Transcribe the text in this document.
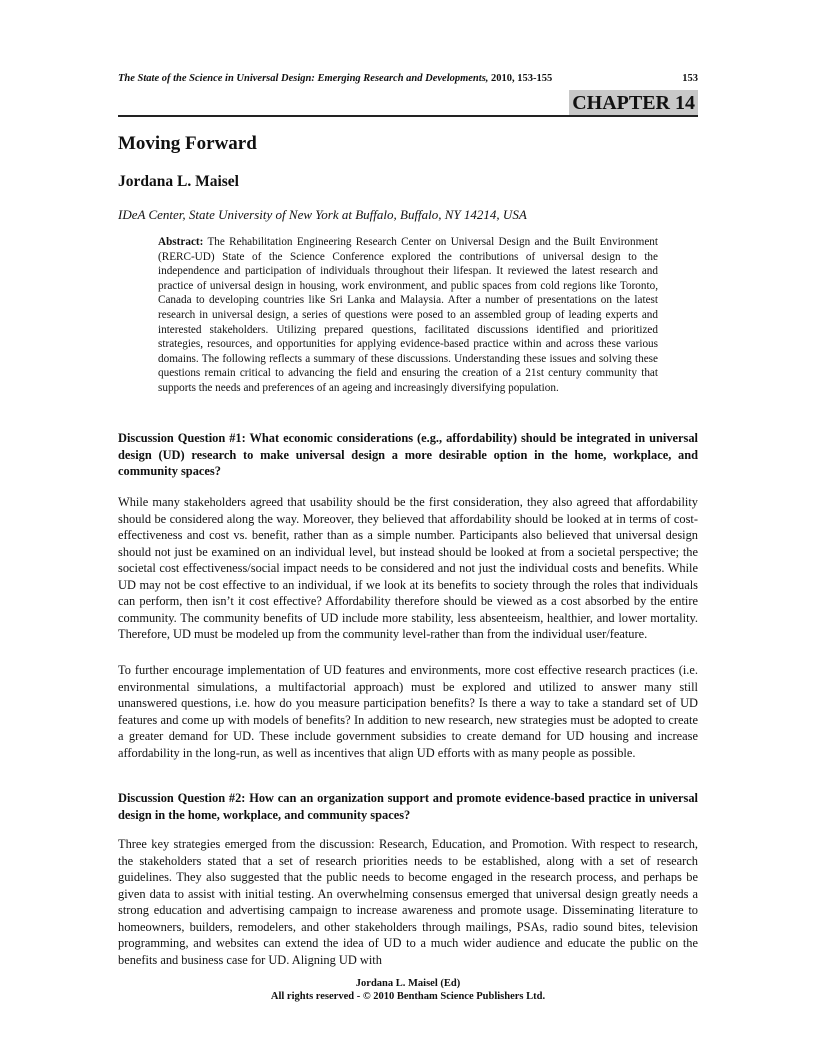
The State of the Science in Universal Design: Emerging Research and Developments, 2010, 153-155	153
CHAPTER 14
Moving Forward
Jordana L. Maisel

IDeA Center, State University of New York at Buffalo, Buffalo, NY 14214, USA

Abstract: The Rehabilitation Engineering Research Center on Universal Design and the Built Environment (RERC-UD) State of the Science Conference explored the contributions of universal design to the independence and participation of individuals throughout their lifespan. It reviewed the latest research and practice of universal design in housing, work environment, and public spaces from cold regions like Toronto, Canada to developing countries like Sri Lanka and Malaysia. After a number of presentations on the latest research in universal design, a series of questions were posed to an assembled group of leading experts and interested stakeholders. Utilizing prepared questions, facilitated discussions identified and prioritized strategies, resources, and opportunities for applying evidence-based practice within and across these various domains. The following reflects a summary of these discussions. Understanding these issues and solving these questions remain critical to advancing the field and ensuring the creation of a 21st century community that supports the needs and preferences of an ageing and increasingly diversifying population.

Discussion Question #1: What economic considerations (e.g., affordability) should be integrated in universal design (UD) research to make universal design a more desirable option in the home, workplace, and community spaces?

While many stakeholders agreed that usability should be the first consideration, they also agreed that affordability should be considered along the way. Moreover, they believed that affordability should be looked at in terms of cost-effectiveness and cost vs. benefit, rather than as a simple number. Participants also believed that universal design should not just be examined on an individual level, but instead should be looked at from a societal perspective; the societal cost effectiveness/social impact needs to be considered and not just the individual costs and benefits. While UD may not be cost effective to an individual, if we look at its benefits to society through the roles that individuals can perform, then isn’t it cost effective? Affordability therefore should be viewed as a cost absorbed by the entire community. The community benefits of UD include more stability, less absenteeism, healthier, and lower mortality. Therefore, UD must be modeled up from the community level-rather than from the individual user/feature.

To further encourage implementation of UD features and environments, more cost effective research practices (i.e. environmental simulations, a multifactorial approach) must be explored and utilized to answer many still unanswered questions, i.e. how do you measure participation benefits? Is there a way to take a standard set of UD features and come up with models of benefits? In addition to new research, new strategies must be adopted to create a greater demand for UD. These include government subsidies to create demand for UD housing and increase affordability in the long-run, as well as incentives that align UD efforts with as many people as possible.

Discussion Question #2: How can an organization support and promote evidence-based practice in universal design in the home, workplace, and community spaces?

Three key strategies emerged from the discussion: Research, Education, and Promotion. With respect to research, the stakeholders stated that a set of research priorities needs to be established, along with a set of research guidelines. They also suggested that the public needs to become engaged in the research process, and perhaps be given data to assist with initial testing. An overwhelming consensus emerged that universal design greatly needs a strong education and advertising campaign to increase awareness and promote usage. Disseminating literature to homeowners, builders, remodelers, and other stakeholders through mailings, PSAs, radio sound bites, television programming, and websites can extend the idea of UD to a much wider audience and educate the public on the benefits and business case for UD. Aligning UD with

Jordana L. Maisel (Ed)
All rights reserved - © 2010 Bentham Science Publishers Ltd.
